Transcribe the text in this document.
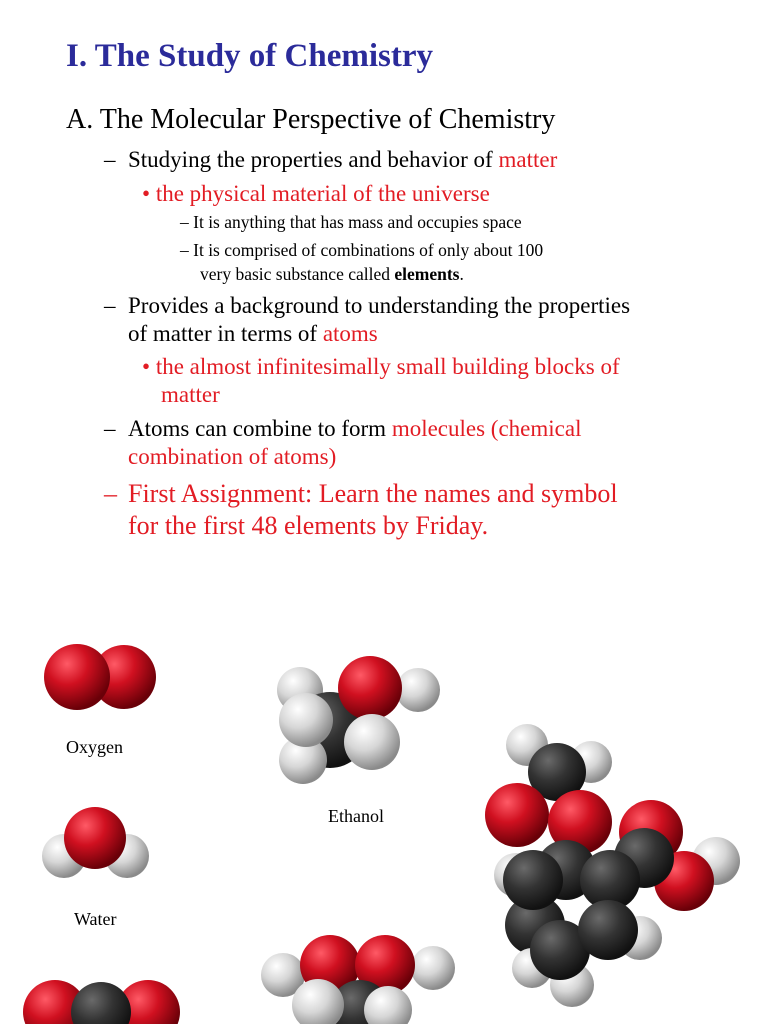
I. The Study of Chemistry
A. The Molecular Perspective of Chemistry
– Studying the properties and behavior of matter
• the physical material of the universe
– It is anything that has mass and occupies space
– It is comprised of combinations of only about 100
very basic substance called elements.
– Provides a background to understanding the properties
of matter in terms of atoms
• the almost infinitesimally small building blocks of
matter
– Atoms can combine to form molecules (chemical
combination of atoms)
– First Assignment: Learn the names and symbol
for the first 48 elements by Friday.
Oxygen
Ethanol
Water
